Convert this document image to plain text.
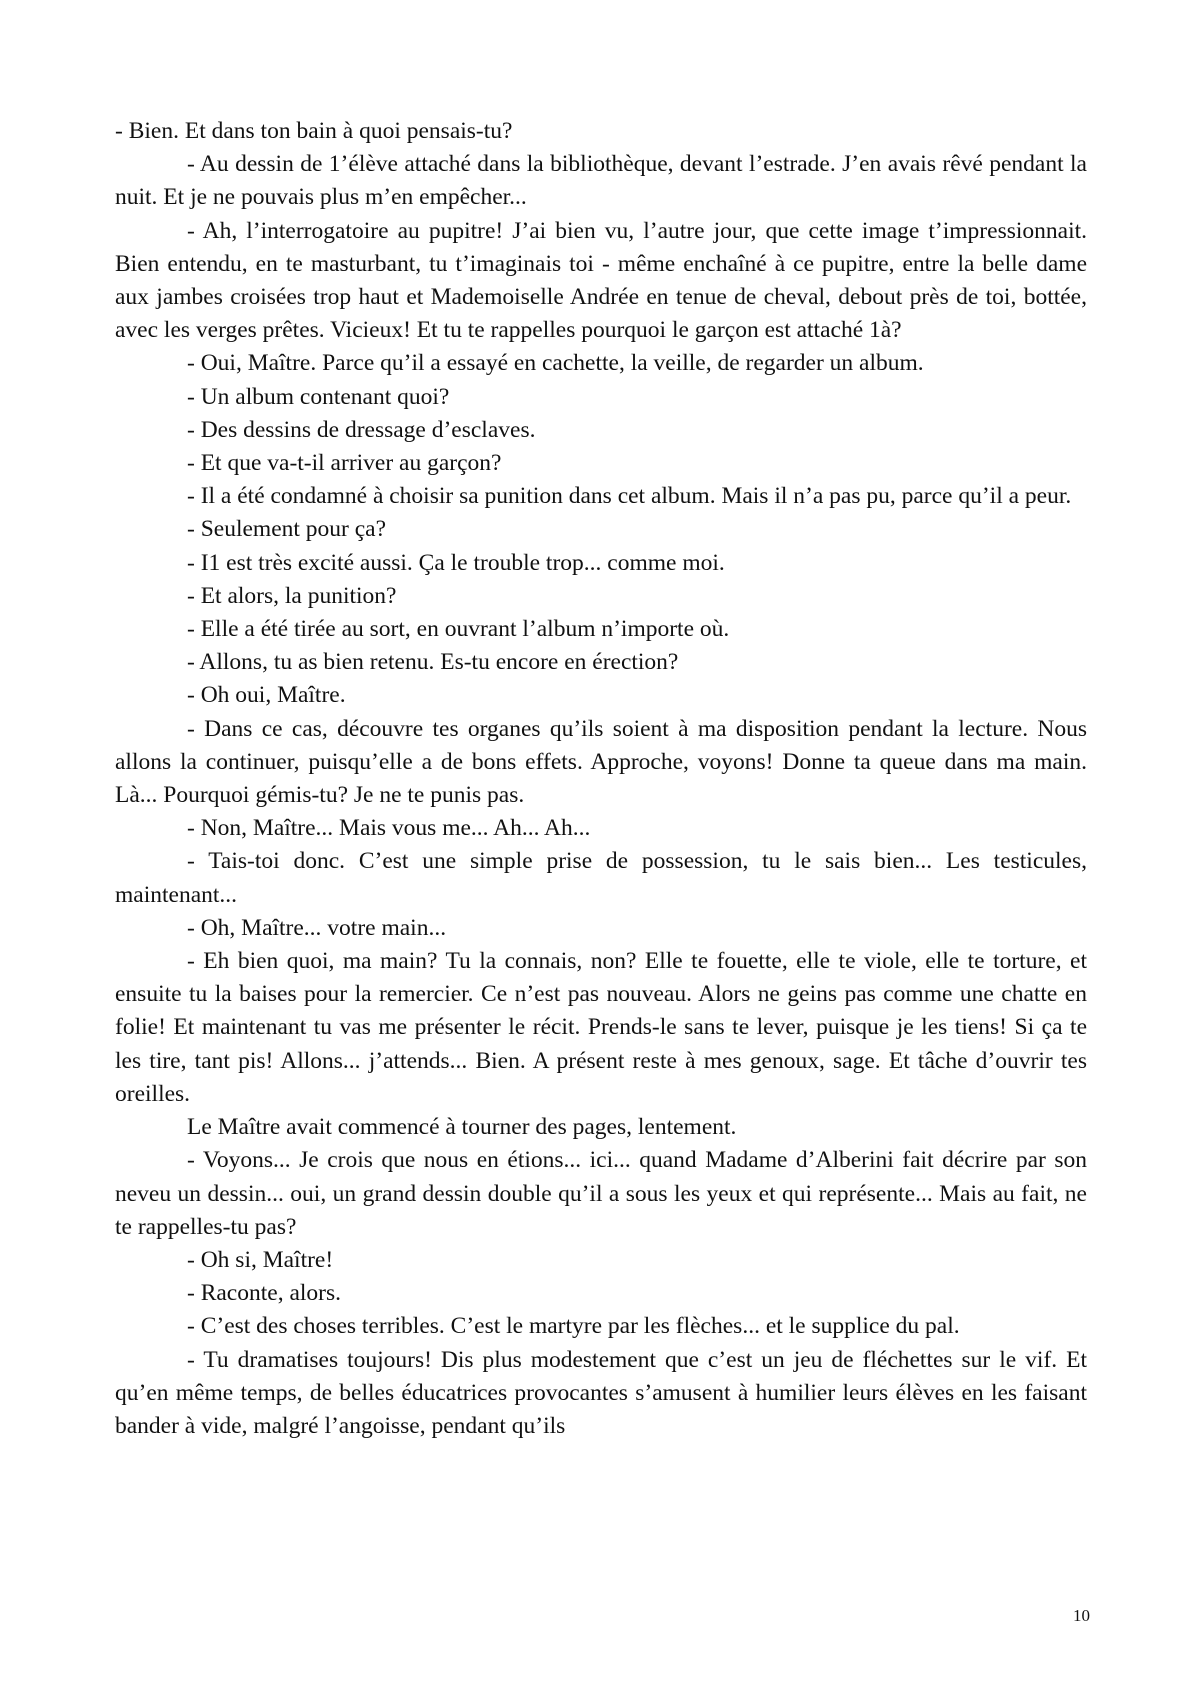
- Bien. Et dans ton bain à quoi pensais-tu?

- Au dessin de 1’élève attaché dans la bibliothèque, devant l’estrade. J’en avais rêvé pendant la nuit. Et je ne pouvais plus m’en empêcher...

- Ah, l’interrogatoire au pupitre! J’ai bien vu, l’autre jour, que cette image t’impressionnait. Bien entendu, en te masturbant, tu t’imaginais toi - même enchaîné à ce pupitre, entre la belle dame aux jambes croisées trop haut et Mademoiselle Andrée en tenue de cheval, debout près de toi, bottée, avec les verges prêtes. Vicieux! Et tu te rappelles pourquoi le garçon est attaché 1à?

- Oui, Maître. Parce qu’il a essayé en cachette, la veille, de regarder un album.

- Un album contenant quoi?

- Des dessins de dressage d’esclaves.

- Et que va-t-il arriver au garçon?

- Il a été condamné à choisir sa punition dans cet album. Mais il n’a pas pu, parce qu’il a peur.

- Seulement pour ça?

- I1 est très excité aussi. Ça le trouble trop... comme moi.

- Et alors, la punition?

- Elle a été tirée au sort, en ouvrant l’album n’importe où.

- Allons, tu as bien retenu. Es-tu encore en érection?

- Oh oui, Maître.

- Dans ce cas, découvre tes organes qu’ils soient à ma disposition pendant la lecture. Nous allons la continuer, puisqu’elle a de bons effets. Approche, voyons! Donne ta queue dans ma main. Là... Pourquoi gémis-tu? Je ne te punis pas.

- Non, Maître... Mais vous me... Ah... Ah...

- Tais-toi donc. C’est une simple prise de possession, tu le sais bien... Les testicules, maintenant...

- Oh, Maître... votre main...

- Eh bien quoi, ma main? Tu la connais, non? Elle te fouette, elle te viole, elle te torture, et ensuite tu la baises pour la remercier. Ce n’est pas nouveau. Alors ne geins pas comme une chatte en folie! Et maintenant tu vas me présenter le récit. Prends-le sans te lever, puisque je les tiens! Si ça te les tire, tant pis! Allons... j’attends... Bien. A présent reste à mes genoux, sage. Et tâche d’ouvrir tes oreilles.

Le Maître avait commencé à tourner des pages, lentement.

- Voyons... Je crois que nous en étions... ici... quand Madame d’Alberini fait décrire par son neveu un dessin... oui, un grand dessin double qu’il a sous les yeux et qui représente... Mais au fait, ne te rappelles-tu pas?

- Oh si, Maître!

- Raconte, alors.

- C’est des choses terribles. C’est le martyre par les flèches... et le supplice du pal.

- Tu dramatises toujours! Dis plus modestement que c’est un jeu de fléchettes sur le vif. Et qu’en même temps, de belles éducatrices provocantes s’amusent à humilier leurs élèves en les faisant bander à vide, malgré l’angoisse, pendant qu’ils

10
